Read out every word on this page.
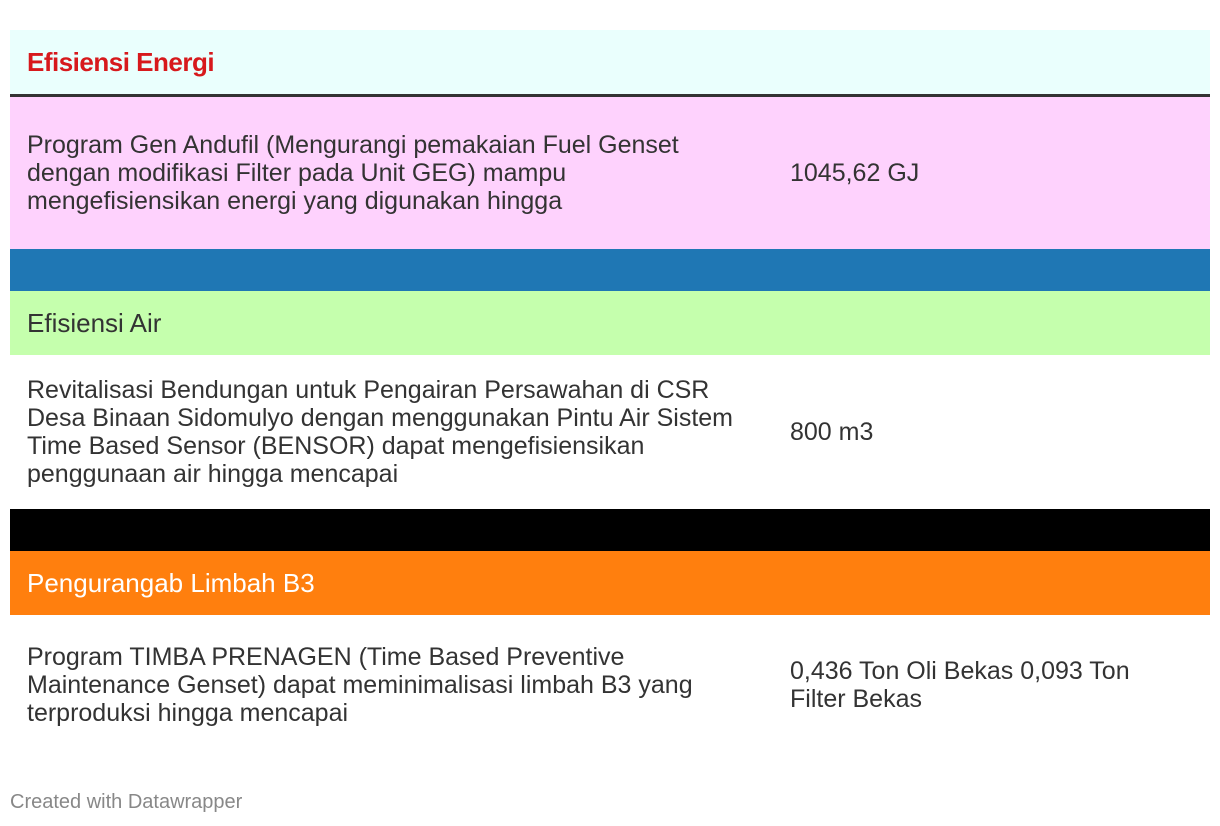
Efisiensi Energi
Program Gen Andufil (Mengurangi pemakaian Fuel Genset dengan modifikasi Filter pada Unit GEG) mampu mengefisiensikan energi yang digunakan hingga
1045,62 GJ
Efisiensi Air
Revitalisasi Bendungan untuk Pengairan Persawahan di CSR Desa Binaan Sidomulyo dengan menggunakan Pintu Air Sistem Time Based Sensor (BENSOR) dapat mengefisiensikan penggunaan air hingga mencapai
800 m3
Pengurangab Limbah B3
Program TIMBA PRENAGEN (Time Based Preventive Maintenance Genset) dapat meminimalisasi limbah B3 yang terproduksi hingga mencapai
0,436 Ton Oli Bekas 0,093 Ton Filter Bekas
Created with Datawrapper
